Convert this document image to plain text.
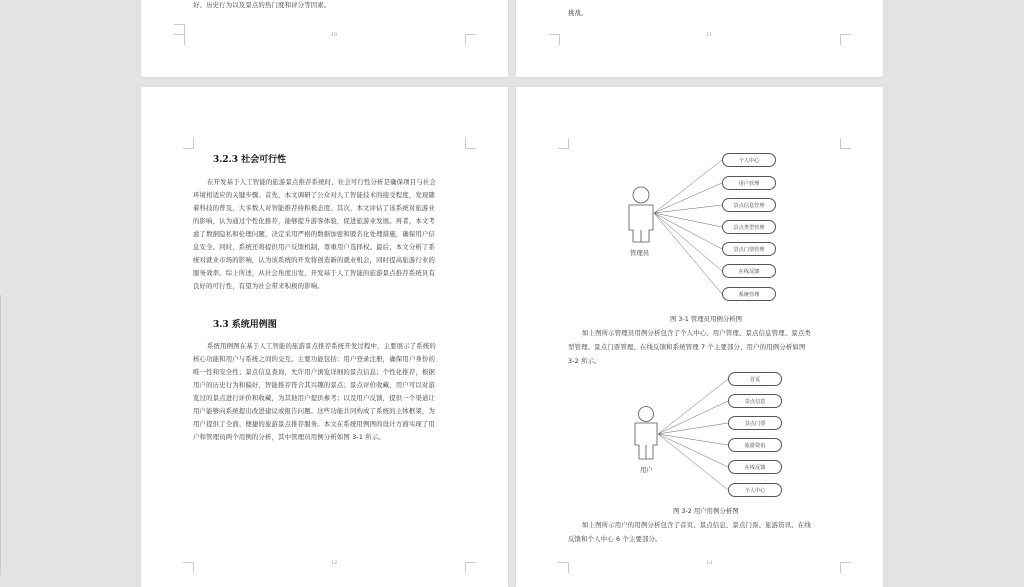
好、历史行为以及景点的热门度和评分等因素。
10
挑战。
11
3.2.3 社会可行性
在开发基于人工智能的旅游景点推荐系统时，社会可行性分析是确保项目与社会
环境相适应的关键步骤。首先，本文调研了公众对人工智能技术的接受程度，发现随
着科技的普及，大多数人对智能推荐持积极态度。其次，本文评估了该系统对旅游业
的影响，认为通过个性化推荐，能够提升游客体验，促进旅游业发展。再者，本文考
虑了数据隐私和伦理问题，决定采用严格的数据加密和匿名化处理措施，确保用户信
息安全。同时，系统还将提供用户反馈机制，尊重用户选择权。最后，本文分析了系
统对就业市场的影响，认为该系统的开发将创造新的就业机会，同时提高旅游行业的
服务效率。综上所述，从社会角度出发，开发基于人工智能的旅游景点推荐系统具有
良好的可行性，有望为社会带来积极的影响。
3.3 系统用例图
系统用例图在基于人工智能的旅游景点推荐系统开发过程中，主要展示了系统的
核心功能和用户与系统之间的交互。主要功能包括：用户登录注册，确保用户身份的
唯一性和安全性；景点信息查询，允许用户浏览详细的景点信息；个性化推荐，根据
用户的历史行为和偏好，智能推荐符合其兴趣的景点；景点评价收藏，用户可以对游
览过的景点进行评价和收藏，为其他用户提供参考；以及用户反馈，提供一个渠道让
用户能够向系统提出改进建议或报告问题。这些功能共同构成了系统的主体框架，为
用户提供了全面、便捷的旅游景点推荐服务。本文在系统用例图的设计方面实现了用
户和管理员两个用例的分析，其中管理员用例分析如图 3-1 所示。
12
管理员
个人中心
用户管理
景点信息管理
景点类型管理
景点门票管理
在线反馈
系统管理
图 3-1 管理员用例分析图
如上图所示管理员用例分析包含了个人中心、用户管理、景点信息管理、景点类
型管理、景点门票管理、在线反馈和系统管理 7 个主要部分，用户的用例分析如图
3-2 所示。
用户
首页
景点信息
景点门票
旅游资讯
在线反馈
个人中心
图 3-2 用户用例分析图
如上图所示用户的用例分析包含了首页、景点信息、景点门票、旅游资讯、在线
反馈和个人中心 6 个主要部分。
13
